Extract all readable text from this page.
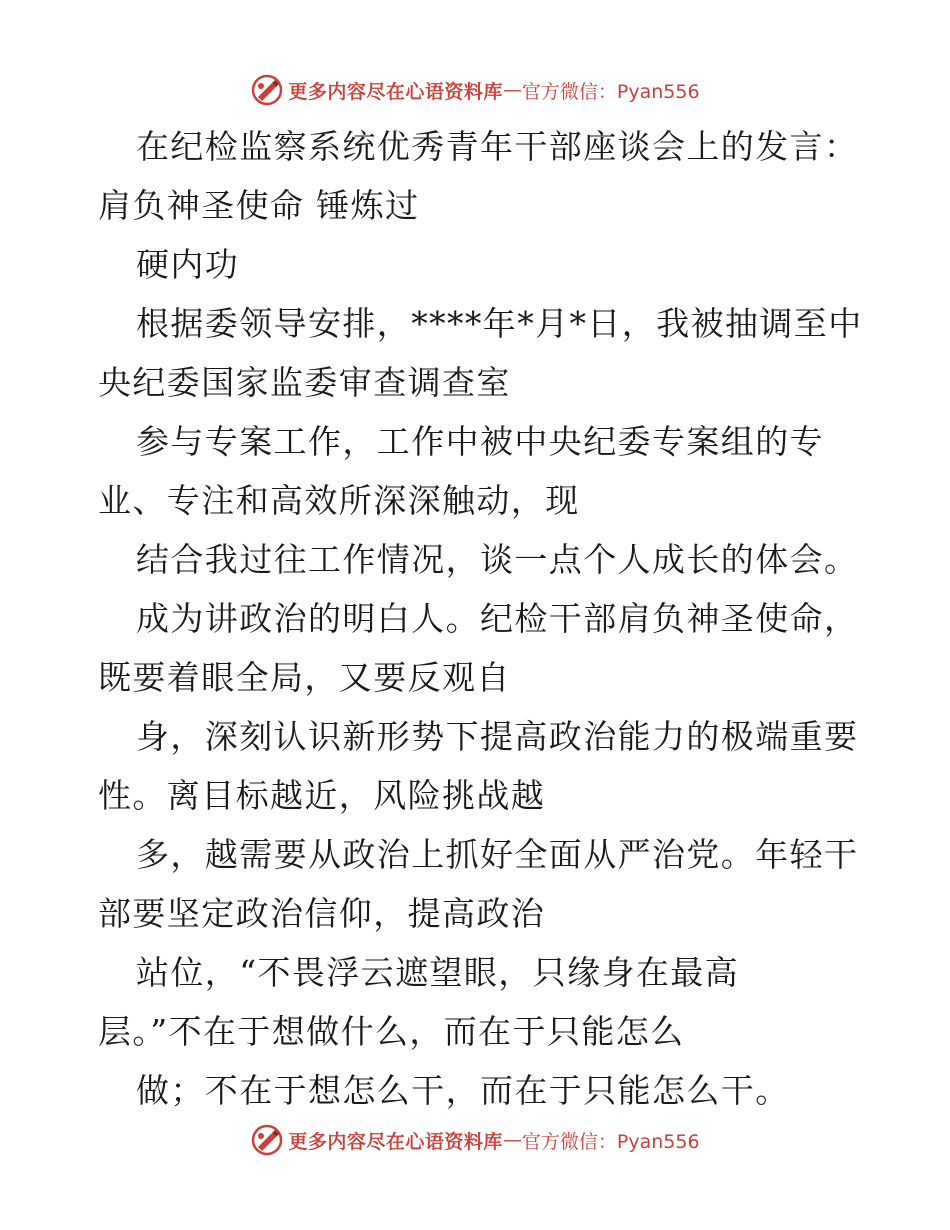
更多内容尽在心语资料库 — 官方微信：Pyan556
在纪检监察系统优秀青年干部座谈会上的发言：
肩负神圣使命 锤炼过
硬内功
根据委领导安排，****年*月*日，我被抽调至中
央纪委国家监委审查调查室
参与专案工作，工作中被中央纪委专案组的专
业、专注和高效所深深触动，现
结合我过往工作情况，谈一点个人成长的体会。
成为讲政治的明白人。纪检干部肩负神圣使命，
既要着眼全局，又要反观自
身，深刻认识新形势下提高政治能力的极端重要
性。离目标越近，风险挑战越
多，越需要从政治上抓好全面从严治党。年轻干
部要坚定政治信仰，提高政治
站位，“不畏浮云遮望眼，只缘身在最高
层。”不在于想做什么，而在于只能怎么
做；不在于想怎么干，而在于只能怎么干。
更多内容尽在心语资料库 — 官方微信：Pyan556
